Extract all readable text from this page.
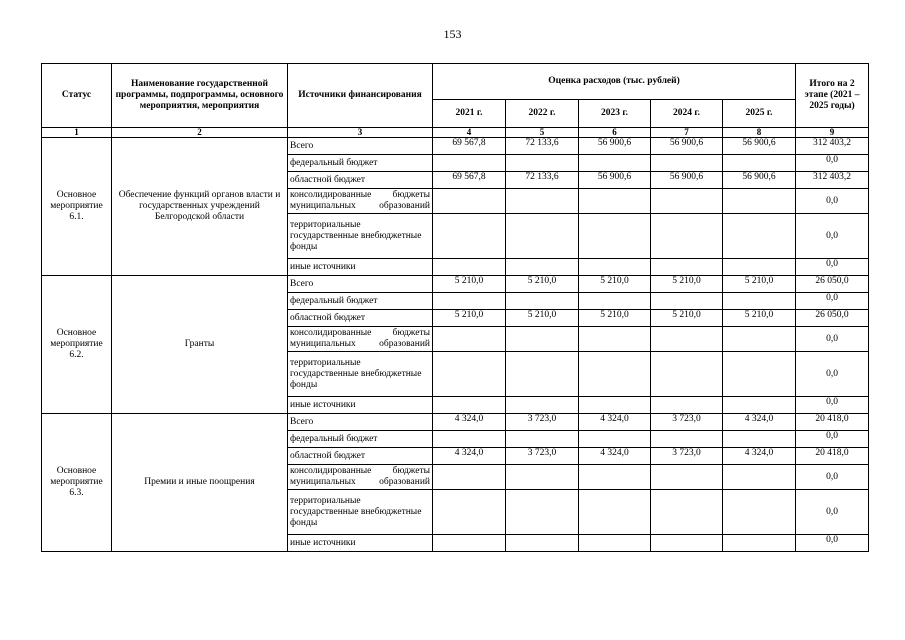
153
Статус	Наименование государственной программы, подпрограммы, основного мероприятия, мероприятия	Источники финансирования	Оценка расходов (тыс. рублей)					Итого на 2 этапе (2021 – 2025 годы)
			2021 г.	2022 г.	2023 г.	2024 г.	2025 г.	
1	2	3	4	5	6	7	8	9
Основное мероприятие 6.1.	Обеспечение функций органов власти и государственных учреждений Белгородской области	Всего	69 567,8	72 133,6	56 900,6	56 900,6	56 900,6	312 403,2
		федеральный бюджет						0,0
		областной бюджет	69 567,8	72 133,6	56 900,6	56 900,6	56 900,6	312 403,2
		консолидированные бюджеты муниципальных образований						0,0
		территориальные государственные внебюджетные фонды						0,0
		иные источники						0,0
Основное мероприятие 6.2.	Гранты	Всего	5 210,0	5 210,0	5 210,0	5 210,0	5 210,0	26 050,0
		федеральный бюджет						0,0
		областной бюджет	5 210,0	5 210,0	5 210,0	5 210,0	5 210,0	26 050,0
		консолидированные бюджеты муниципальных образований						0,0
		территориальные государственные внебюджетные фонды						0,0
		иные источники						0,0
Основное мероприятие 6.3.	Премии и иные поощрения	Всего	4 324,0	3 723,0	4 324,0	3 723,0	4 324,0	20 418,0
		федеральный бюджет						0,0
		областной бюджет	4 324,0	3 723,0	4 324,0	3 723,0	4 324,0	20 418,0
		консолидированные бюджеты муниципальных образований						0,0
		территориальные государственные внебюджетные фонды						0,0
		иные источники						0,0
